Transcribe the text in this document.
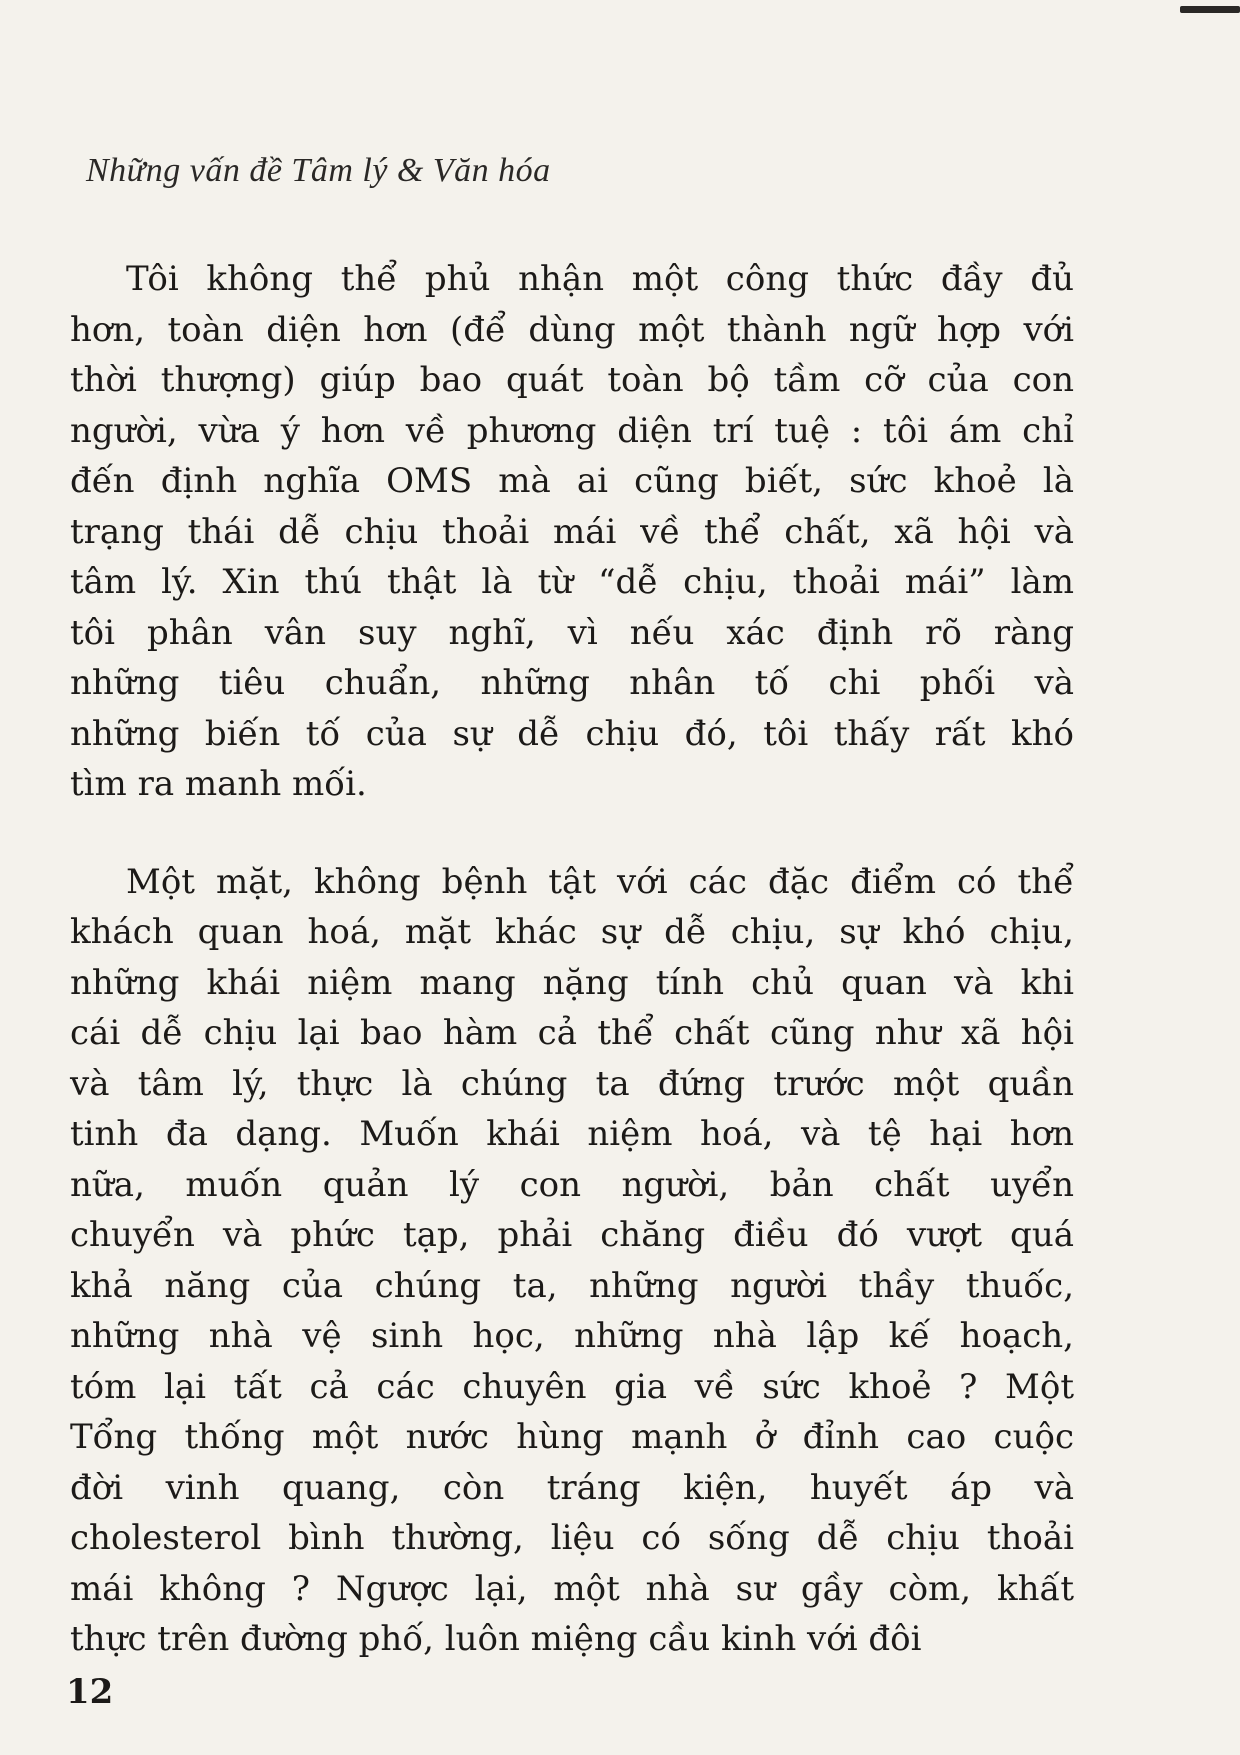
Những vấn đề Tâm lý & Văn hóa
Tôi không thể phủ nhận một công thức đầy đủ
hơn, toàn diện hơn (để dùng một thành ngữ hợp với
thời thượng) giúp bao quát toàn bộ tầm cỡ của con
người, vừa ý hơn về phương diện trí tuệ : tôi ám chỉ
đến định nghĩa OMS mà ai cũng biết, sức khoẻ là
trạng thái dễ chịu thoải mái về thể chất, xã hội và
tâm lý. Xin thú thật là từ “dễ chịu, thoải mái” làm
tôi phân vân suy nghĩ, vì nếu xác định rõ ràng
những tiêu chuẩn, những nhân tố chi phối và
những biến tố của sự dễ chịu đó, tôi thấy rất khó
tìm ra manh mối.
Một mặt, không bệnh tật với các đặc điểm có thể
khách quan hoá, mặt khác sự dễ chịu, sự khó chịu,
những khái niệm mang nặng tính chủ quan và khi
cái dễ chịu lại bao hàm cả thể chất cũng như xã hội
và tâm lý, thực là chúng ta đứng trước một quần
tinh đa dạng. Muốn khái niệm hoá, và tệ hại hơn
nữa, muốn quản lý con người, bản chất uyển
chuyển và phức tạp, phải chăng điều đó vượt quá
khả năng của chúng ta, những người thầy thuốc,
những nhà vệ sinh học, những nhà lập kế hoạch,
tóm lại tất cả các chuyên gia về sức khoẻ ? Một
Tổng thống một nước hùng mạnh ở đỉnh cao cuộc
đời vinh quang, còn tráng kiện, huyết áp và
cholesterol bình thường, liệu có sống dễ chịu thoải
mái không ? Ngược lại, một nhà sư gầy còm, khất
thực trên đường phố, luôn miệng cầu kinh với đôi
12
